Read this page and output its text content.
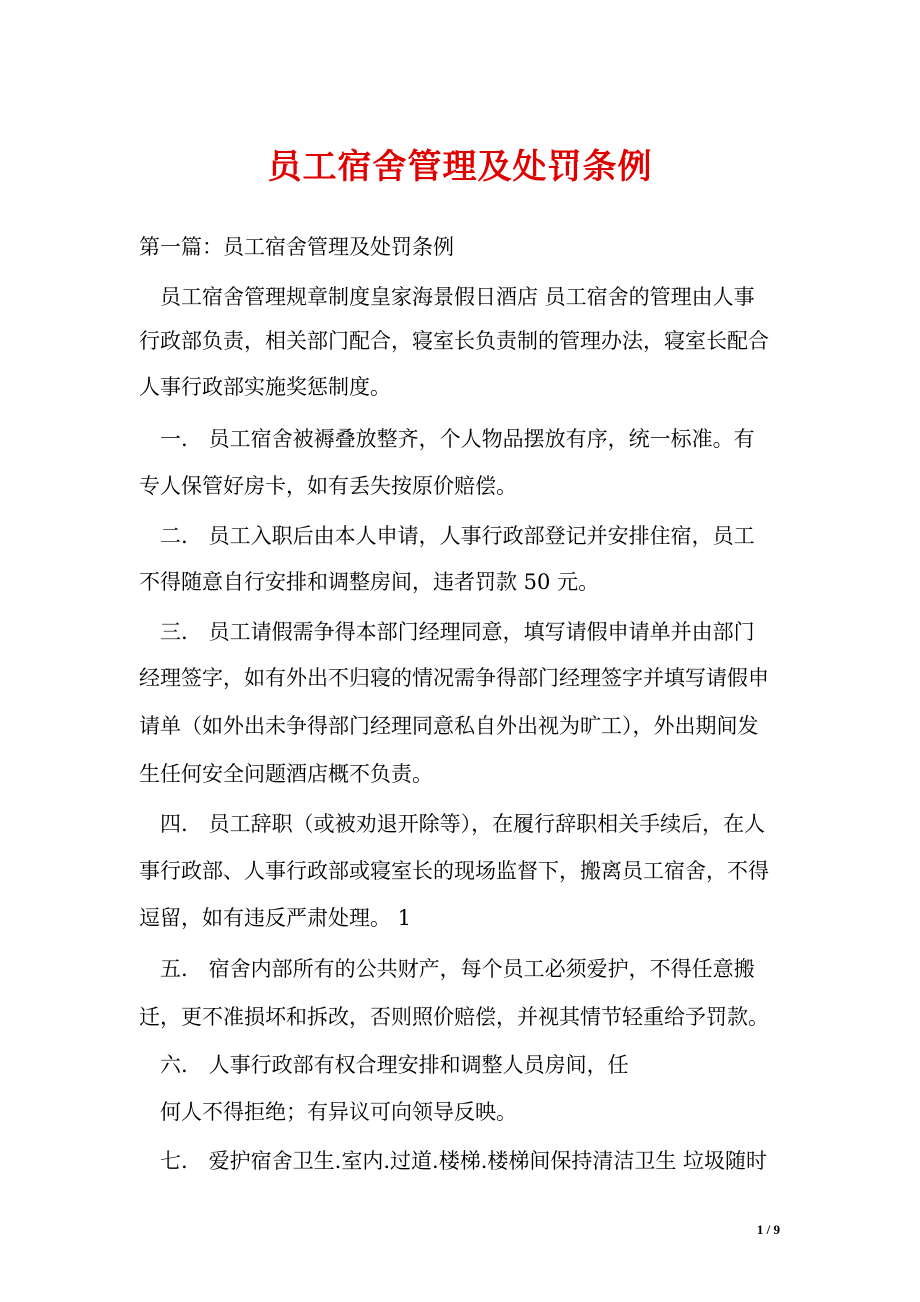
员工宿舍管理及处罚条例
第一篇：员工宿舍管理及处罚条例
　员工宿舍管理规章制度皇家海景假日酒店 员工宿舍的管理由人事
行政部负责，相关部门配合，寝室长负责制的管理办法，寝室长配合
人事行政部实施奖惩制度。
　一.　员工宿舍被褥叠放整齐，个人物品摆放有序，统一标准。有
专人保管好房卡，如有丢失按原价赔偿。
　二.　员工入职后由本人申请，人事行政部登记并安排住宿，员工
不得随意自行安排和调整房间，违者罚款 50 元。
　三.　员工请假需争得本部门经理同意，填写请假申请单并由部门
经理签字，如有外出不归寝的情况需争得部门经理签字并填写请假申
请单（如外出未争得部门经理同意私自外出视为旷工），外出期间发
生任何安全问题酒店概不负责。
　四.　员工辞职（或被劝退开除等），在履行辞职相关手续后，在人
事行政部、人事行政部或寝室长的现场监督下，搬离员工宿舍，不得
逗留，如有违反严肃处理。 1
　五.　宿舍内部所有的公共财产，每个员工必须爱护，不得任意搬
迁，更不准损坏和拆改，否则照价赔偿，并视其情节轻重给予罚款。
　六.　人事行政部有权合理安排和调整人员房间，任
　何人不得拒绝；有异议可向领导反映。
　七.　爱护宿舍卫生.室内.过道.楼梯.楼梯间保持清洁卫生 垃圾随时
1 / 9
